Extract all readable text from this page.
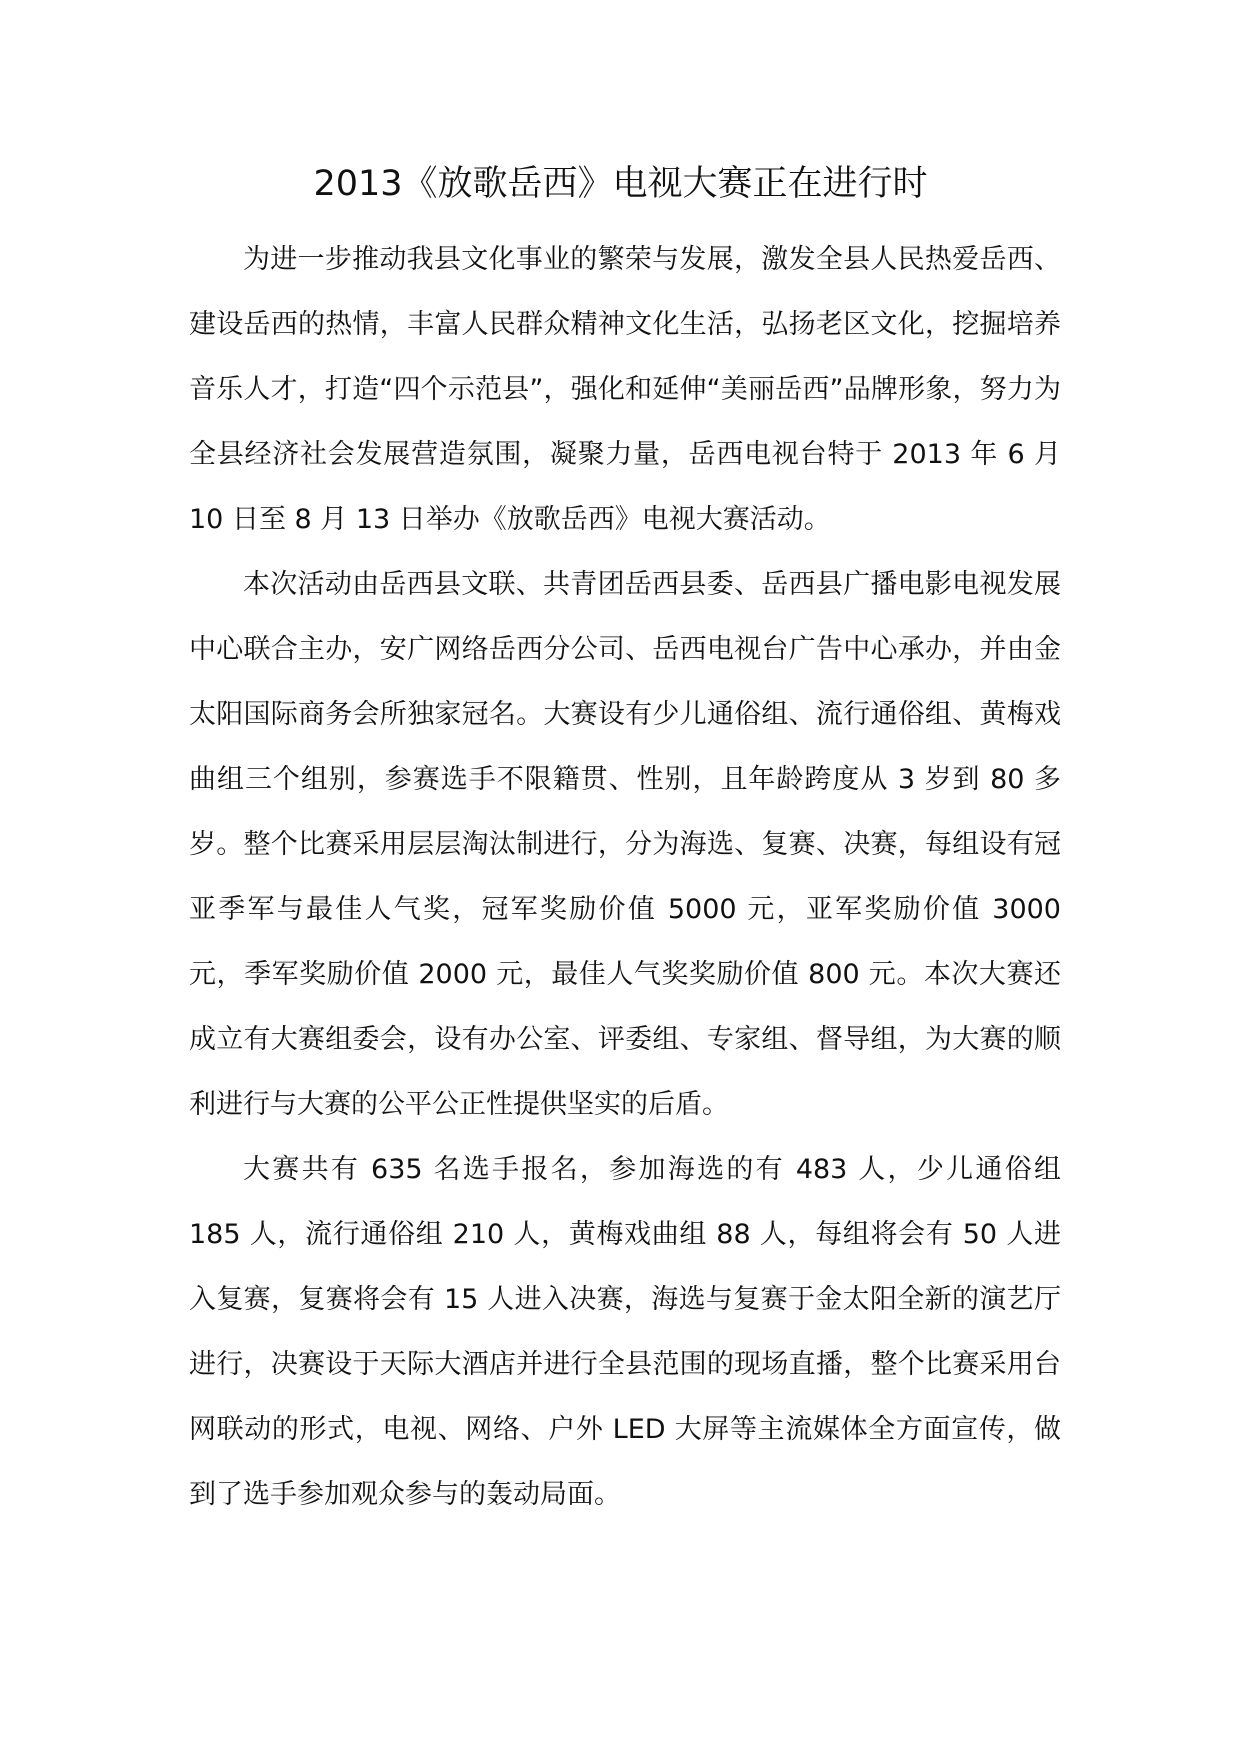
2013《放歌岳西》电视大赛正在进行时

为进一步推动我县文化事业的繁荣与发展，激发全县人民热爱岳西、建设岳西的热情，丰富人民群众精神文化生活，弘扬老区文化，挖掘培养音乐人才，打造“四个示范县”，强化和延伸“美丽岳西”品牌形象，努力为全县经济社会发展营造氛围，凝聚力量，岳西电视台特于 2013 年 6 月 10 日至 8 月 13 日举办《放歌岳西》电视大赛活动。

本次活动由岳西县文联、共青团岳西县委、岳西县广播电影电视发展中心联合主办，安广网络岳西分公司、岳西电视台广告中心承办，并由金太阳国际商务会所独家冠名。大赛设有少儿通俗组、流行通俗组、黄梅戏曲组三个组别，参赛选手不限籍贯、性别，且年龄跨度从 3 岁到 80 多岁。整个比赛采用层层淘汰制进行，分为海选、复赛、决赛，每组设有冠亚季军与最佳人气奖，冠军奖励价值 5000 元，亚军奖励价值 3000 元，季军奖励价值 2000 元，最佳人气奖奖励价值 800 元。本次大赛还成立有大赛组委会，设有办公室、评委组、专家组、督导组，为大赛的顺利进行与大赛的公平公正性提供坚实的后盾。

大赛共有 635 名选手报名，参加海选的有 483 人，少儿通俗组 185 人，流行通俗组 210 人，黄梅戏曲组 88 人，每组将会有 50 人进入复赛，复赛将会有 15 人进入决赛，海选与复赛于金太阳全新的演艺厅进行，决赛设于天际大酒店并进行全县范围的现场直播，整个比赛采用台网联动的形式，电视、网络、户外 LED 大屏等主流媒体全方面宣传，做到了选手参加观众参与的轰动局面。
